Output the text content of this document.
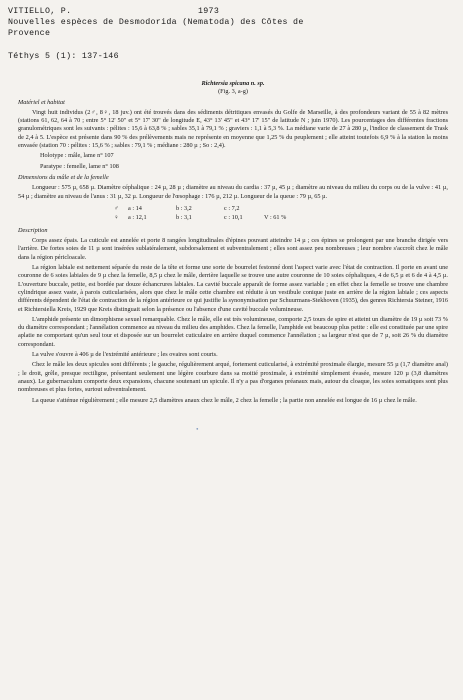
VITIELLO, P.	1973
Nouvelles espèces de Desmodorida (Nematoda) des Côtes de
Provence
Téthys 5 (1): 137-146
Richtersia spicana n. sp.
(Fig. 3, a-g)
Matériel et habitat

Vingt huit individus (2♂, 8♀, 18 juv.) ont été trouvés dans des sédiments détritiques envasés du Golfe de Marseille, à des profondeurs variant de 55 à 82 mètres (stations 61, 62, 64 à 70 ; entre 5° 12' 50" et 5° 17' 30" de longitude E, 43° 13' 45" et 43° 17' 15" de latitude N ; juin 1970). Les pourcentages des différentes fractions granulométriques sont les suivants : pélites : 15,6 à 63,8 % ; sables 35,1 à 79,1 % ; graviers : 1,1 à 5,3 %. La médiane varie de 27 à 280 µ, l'indice de classement de Trask de 2,4 à 5. L'espèce est présente dans 90 % des prélèvements mais ne représente en moyenne que 1,25 % du peuplement ; elle atteint toutefois 6,9 % à la station la moins envasée (station 70 : pélites : 15,6 % ; sables : 79,1 % ; médiane : 280 µ ; So : 2,4).

Holotype : mâle, lame n° 107
Paratype : femelle, lame n° 108
Dimensions du mâle et de la femelle

Longueur : 575 µ, 658 µ. Diamètre céphalique : 24 µ, 28 µ ; diamètre au niveau du cardia : 37 µ, 45 µ ; diamètre au niveau du milieu du corps ou de la vulve : 41 µ, 54 µ ; diamètre au niveau de l'anus : 31 µ, 32 µ. Longueur de l'œsophage : 176 µ, 212 µ. Longueur de la queue : 79 µ, 65 µ.

♂	a : 14	b : 3,2	c : 7,2
♀	a : 12,1	b : 3,1	c : 10,1	V : 61 %
Description

Corps assez épais. La cuticule est annelée et porte 8 rangées longitudinales d'épines pouvant atteindre 14 µ ; ces épines se prolongent par une branche dirigée vers l'arrière. De fortes soies de 11 µ sont insérées sublatéralement, subdorsalement et subventralement ; elles sont assez peu nombreuses ; leur nombre s'accroît chez le mâle dans la région péricloacale.

La région labiale est nettement séparée du reste de la tête et forme une sorte de bourrelet festonné dont l'aspect varie avec l'état de contraction. Il porte en avant une couronne de 6 soies labiales de 9 µ chez la femelle, 8,5 µ chez le mâle, derrière laquelle se trouve une autre couronne de 10 soies céphaliques, 4 de 6,5 µ et 6 de 4 à 4,5 µ. L'ouverture buccale, petite, est bordée par douze échancrures labiales. La cavité buccale apparaît de forme assez variable ; en effet chez la femelle se trouve une chambre cylindrique assez vaste, à parois cuticularisées, alors que chez le mâle cette chambre est réduite à un vestibule conique juste en arrière de la région labiale ; ces aspects différents dépendent de l'état de contraction de la région antérieure ce qui justifie la synonymisation par Schuurmans-Stekhoven (1935), des genres Richtersia Steiner, 1916 et Richtersiella Kreis, 1929 que Kreis distinguait selon la présence ou l'absence d'une cavité buccale volumineuse.

L'amphide présente un dimorphisme sexuel remarquable. Chez le mâle, elle est très volumineuse, comporte 2,5 tours de spire et atteint un diamètre de 19 µ soit 73 % du diamètre correspondant ; l'annélation commence au niveau du milieu des amphides. Chez la femelle, l'amphide est beaucoup plus petite : elle est constituée par une spire aplatie ne comportant qu'un seul tour et disposée sur un bourrelet cuticulaire en arrière duquel commence l'annélation ; sa largeur n'est que de 7 µ, soit 26 % du diamètre correspondant.

La vulve s'ouvre à 406 µ de l'extrémité antérieure ; les ovaires sont courts.

Chez le mâle les deux spicules sont différents ; le gauche, régulièrement arqué, fortement cuticularisé, à extrémité proximale élargie, mesure 55 µ (1,7 diamètre anal) ; le droit, grêle, presque rectiligne, présentant seulement une légère courbure dans sa moitié proximale, à extrémité simplement évasée, mesure 120 µ (3,8 diamètres anaux). Le gubernaculum comporte deux expansions, chacune soutenant un spicule. Il n'y a pas d'organes préanaux mais, autour du cloaque, les soies somatiques sont plus nombreuses et plus fortes, surtout subventralement.

La queue s'atténue régulièrement ; elle mesure 2,5 diamètres anaux chez le mâle, 2 chez la femelle ; la partie non annelée est longue de 16 µ chez le mâle.

●
